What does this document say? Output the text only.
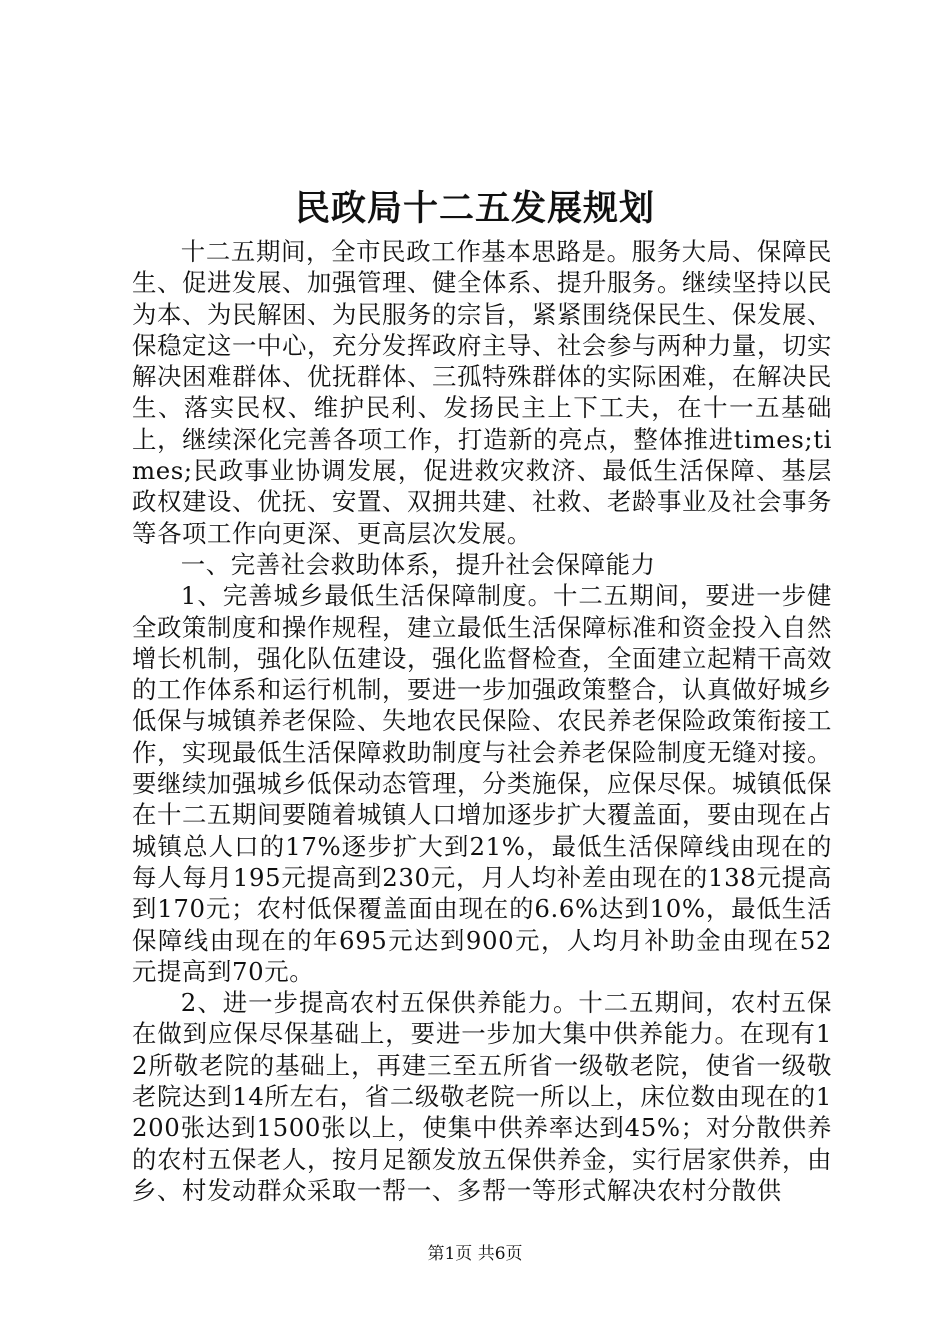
民政局十二五发展规划

十二五期间，全市民政工作基本思路是。服务大局、保障民生、促进发展、加强管理、健全体系、提升服务。继续坚持以民为本、为民解困、为民服务的宗旨，紧紧围绕保民生、保发展、保稳定这一中心，充分发挥政府主导、社会参与两种力量，切实解决困难群体、优抚群体、三孤特殊群体的实际困难，在解决民生、落实民权、维护民利、发扬民主上下工夫，在十一五基础上，继续深化完善各项工作，打造新的亮点，整体推进times;times;民政事业协调发展，促进救灾救济、最低生活保障、基层政权建设、优抚、安置、双拥共建、社救、老龄事业及社会事务等各项工作向更深、更高层次发展。

一、完善社会救助体系，提升社会保障能力

1、完善城乡最低生活保障制度。十二五期间，要进一步健全政策制度和操作规程，建立最低生活保障标准和资金投入自然增长机制，强化队伍建设，强化监督检查，全面建立起精干高效的工作体系和运行机制，要进一步加强政策整合，认真做好城乡低保与城镇养老保险、失地农民保险、农民养老保险政策衔接工作，实现最低生活保障救助制度与社会养老保险制度无缝对接。要继续加强城乡低保动态管理，分类施保，应保尽保。城镇低保在十二五期间要随着城镇人口增加逐步扩大覆盖面，要由现在占城镇总人口的17%逐步扩大到21%，最低生活保障线由现在的每人每月195元提高到230元，月人均补差由现在的138元提高到170元；农村低保覆盖面由现在的6.6%达到10%，最低生活保障线由现在的年695元达到900元，人均月补助金由现在52元提高到70元。

2、进一步提高农村五保供养能力。十二五期间，农村五保在做到应保尽保基础上，要进一步加大集中供养能力。在现有12所敬老院的基础上，再建三至五所省一级敬老院，使省一级敬老院达到14所左右，省二级敬老院一所以上，床位数由现在的1200张达到1500张以上，使集中供养率达到45%；对分散供养的农村五保老人，按月足额发放五保供养金，实行居家供养，由乡、村发动群众采取一帮一、多帮一等形式解决农村分散供

第1页 共6页
